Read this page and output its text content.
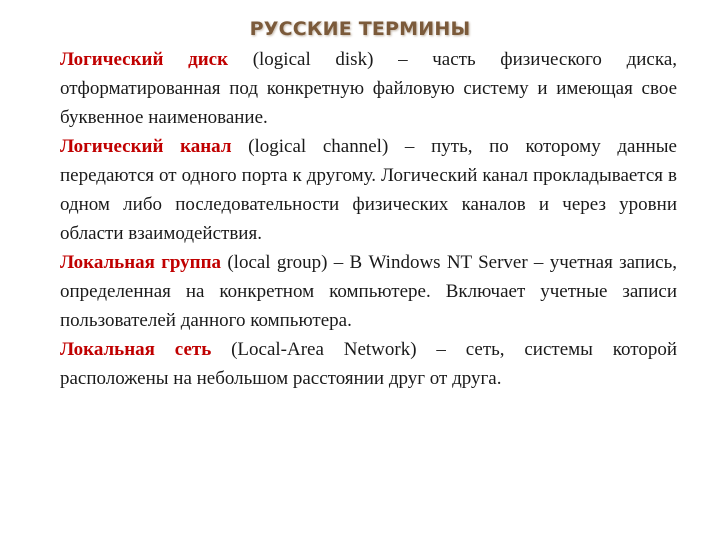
РУССКИЕ ТЕРМИНЫ

Логический диск (logical disk) – часть физического диска, отформатированная под конкретную файловую систему и имеющая свое буквенное наименование.

Логический канал (logical channel) – путь, по которому данные передаются от одного порта к другому. Логический канал прокладывается в одном либо последовательности физических каналов и через уровни области взаимодействия.

Локальная группа (local group) – В Windows NT Server – учетная запись, определенная на конкретном компьютере. Включает учетные записи пользователей данного компьютера.

Локальная сеть (Local-Area Network) – сеть, системы которой расположены на небольшом расстоянии друг от друга.
